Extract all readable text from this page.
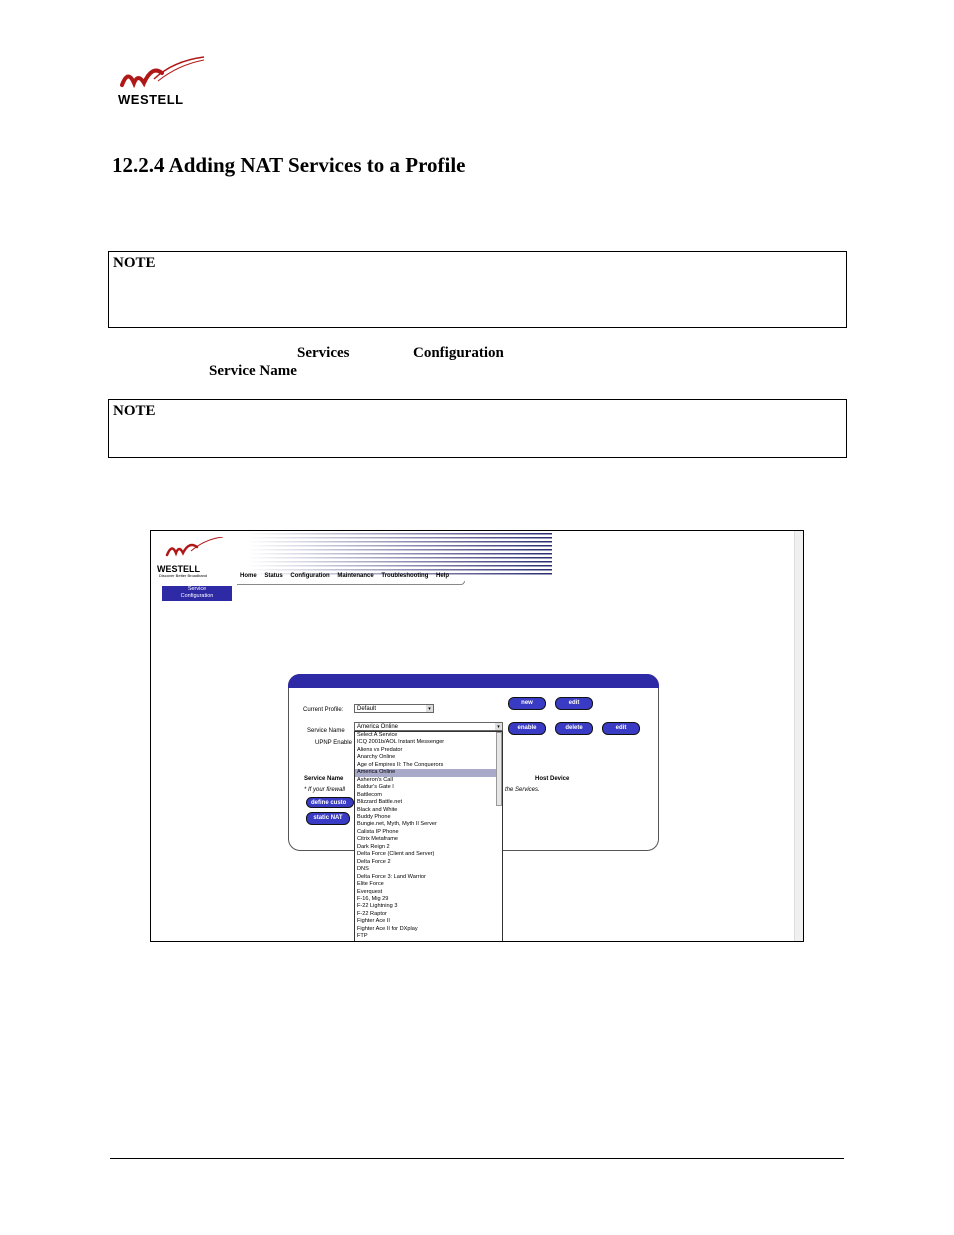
WESTELL
12.2.4 Adding NAT Services to a Profile
NOTE
Services	Configuration
Service Name
NOTE
WESTELL
Discover Better Broadband	Home Status Configuration Maintenance Troubleshooting Help
Service
Configuration
Current Profile:	Default	▾
Service Name
America Online	▾
UPNP Enable
new	edit
enable	delete	edit
Service Name	Host Device
* If your firewall	the Services.
define custo
static NAT
Select A Service
ICQ 2001b/AOL Instant Messenger
Aliens vs Predator
Anarchy Online
Age of Empires II: The Conquerors
America Online
Asheron's Call
Baldur's Gate I
Battlecom
Blizzard Battle.net
Black and White
Buddy Phone
Bungie.net, Myth, Myth II Server
Calista IP Phone
Citrix Metaframe
Dark Reign 2
Delta Force (Client and Server)
Delta Force 2
DNS
Delta Force 3: Land Warrior
Elite Force
Everquest
F-16, Mig 29
F-22 Lightning 3
F-22 Raptor
Fighter Ace II
Fighter Ace II for DXplay
FTP
